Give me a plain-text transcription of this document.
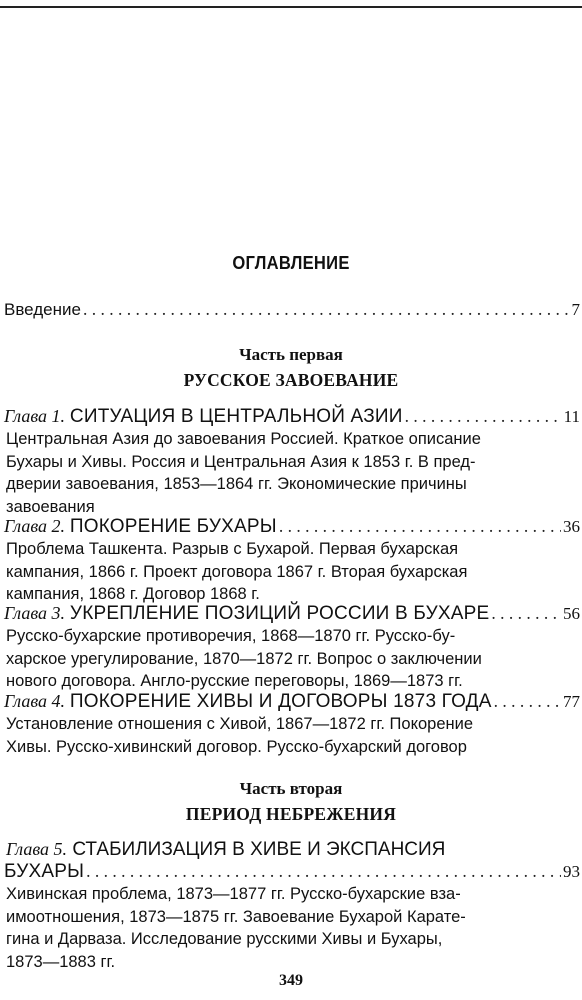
ОГЛАВЛЕНИЕ
Введение . . .	7
Часть первая
РУССКОЕ ЗАВОЕВАНИЕ
Глава 1. СИТУАЦИЯ В ЦЕНТРАЛЬНОЙ АЗИИ . . .	11
Центральная Азия до завоевания Россией. Краткое описание
Бухары и Хивы. Россия и Центральная Азия к 1853 г. В пред-
дверии завоевания, 1853—1864 гг. Экономические причины
завоевания
Глава 2. ПОКОРЕНИЕ БУХАРЫ . . .	36
Проблема Ташкента. Разрыв с Бухарой. Первая бухарская
кампания, 1866 г. Проект договора 1867 г. Вторая бухарская
кампания, 1868 г. Договор 1868 г.
Глава 3. УКРЕПЛЕНИЕ ПОЗИЦИЙ РОССИИ В БУХАРЕ . . .	56
Русско-бухарские противоречия, 1868—1870 гг. Русско-бу-
харское урегулирование, 1870—1872 гг. Вопрос о заключении
нового договора. Англо-русские переговоры, 1869—1873 гг.
Глава 4. ПОКОРЕНИЕ ХИВЫ И ДОГОВОРЫ 1873 ГОДА . . .	77
Установление отношения с Хивой, 1867—1872 гг. Покорение
Хивы. Русско-хивинский договор. Русско-бухарский договор
Часть вторая
ПЕРИОД НЕБРЕЖЕНИЯ
Глава 5. СТАБИЛИЗАЦИЯ В ХИВЕ И ЭКСПАНСИЯ
БУХАРЫ . . .	93
Хивинская проблема, 1873—1877 гг. Русско-бухарские вза-
имоотношения, 1873—1875 гг. Завоевание Бухарой Карате-
гина и Дарваза. Исследование русскими Хивы и Бухары,
1873—1883 гг.
349
